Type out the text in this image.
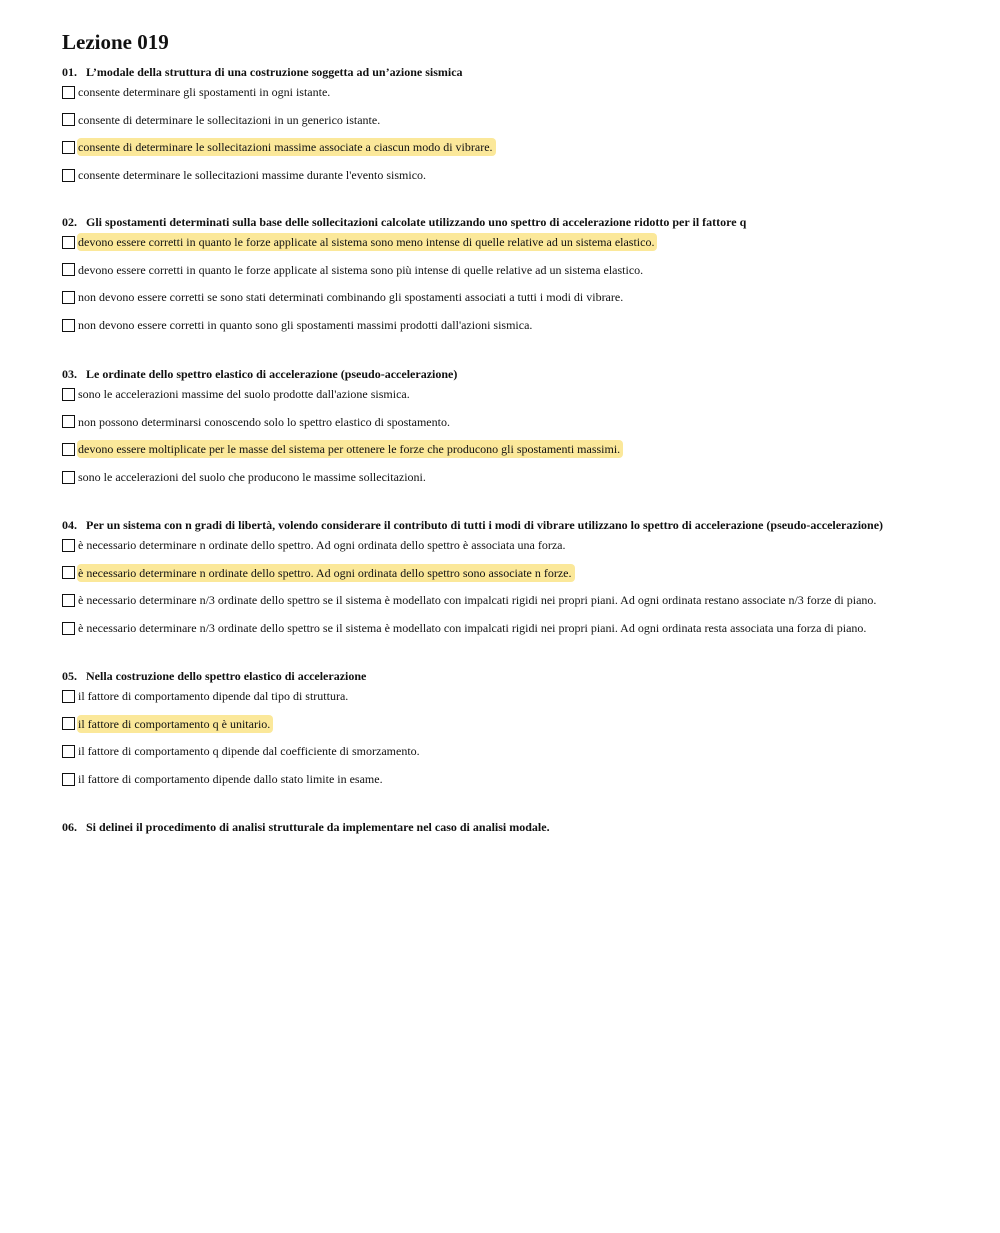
Lezione 019
01. L’modale della struttura di una costruzione soggetta ad un’azione sismica
consente determinare gli spostamenti in ogni istante.
consente di determinare le sollecitazioni in un generico istante.
consente di determinare le sollecitazioni massime associate a ciascun modo di vibrare.
consente determinare le sollecitazioni massime durante l'evento sismico.
02. Gli spostamenti determinati sulla base delle sollecitazioni calcolate utilizzando uno spettro di accelerazione ridotto per il fattore q
devono essere corretti in quanto le forze applicate al sistema sono meno intense di quelle relative ad un sistema elastico.
devono essere corretti in quanto le forze applicate al sistema sono più intense di quelle relative ad un sistema elastico.
non devono essere corretti se sono stati determinati combinando gli spostamenti associati a tutti i modi di vibrare.
non devono essere corretti in quanto sono gli spostamenti massimi prodotti dall'azioni sismica.
03. Le ordinate dello spettro elastico di accelerazione (pseudo-accelerazione)
sono le accelerazioni massime del suolo prodotte dall'azione sismica.
non possono determinarsi conoscendo solo lo spettro elastico di spostamento.
devono essere moltiplicate per le masse del sistema per ottenere le forze che producono gli spostamenti massimi.
sono le accelerazioni del suolo che producono le massime sollecitazioni.
04. Per un sistema con n gradi di libertà, volendo considerare il contributo di tutti i modi di vibrare utilizzano lo spettro di accelerazione (pseudo-accelerazione)
è necessario determinare n ordinate dello spettro. Ad ogni ordinata dello spettro è associata una forza.
è necessario determinare n ordinate dello spettro. Ad ogni ordinata dello spettro sono associate n forze.
è necessario determinare n/3 ordinate dello spettro se il sistema è modellato con impalcati rigidi nei propri piani. Ad ogni ordinata restano associate n/3 forze di piano.
è necessario determinare n/3 ordinate dello spettro se il sistema è modellato con impalcati rigidi nei propri piani. Ad ogni ordinata resta associata una forza di piano.
05. Nella costruzione dello spettro elastico di accelerazione
il fattore di comportamento dipende dal tipo di struttura.
il fattore di comportamento q è unitario.
il fattore di comportamento q dipende dal coefficiente di smorzamento.
il fattore di comportamento dipende dallo stato limite in esame.
06. Si delinei il procedimento di analisi strutturale da implementare nel caso di analisi modale.
